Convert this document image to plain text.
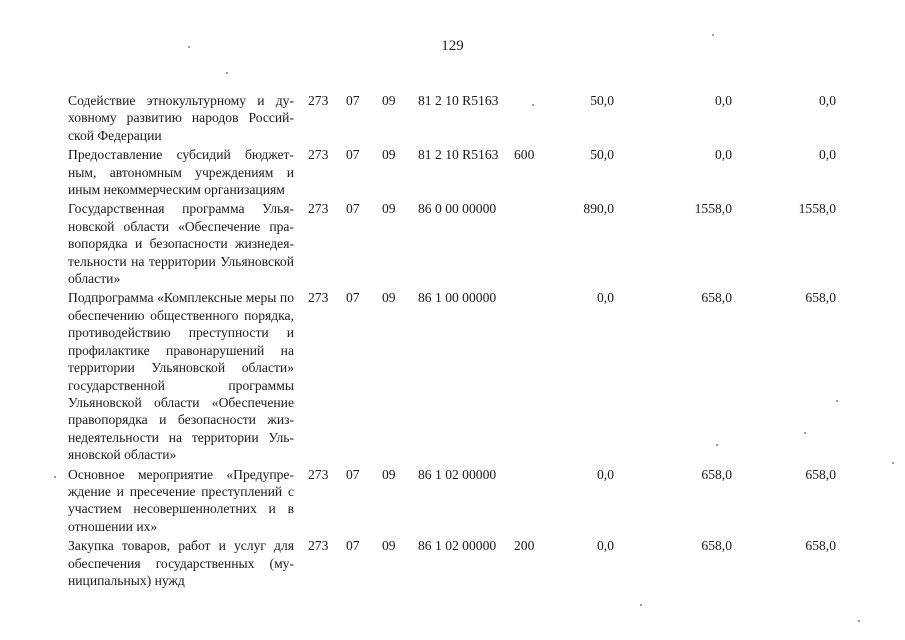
129
Содействие этнокультурному и духовному развитию народов Российской Федерации	273	07	09	81 2 10 R5163		50,0	0,0	0,0
Предоставление субсидий бюджетным, автономным учреждениям и иным некоммерческим организациям	273	07	09	81 2 10 R5163	600	50,0	0,0	0,0
Государственная программа Ульяновской области «Обеспечение правопорядка и безопасности жизнедеятельности на территории Ульяновской области»	273	07	09	86 0 00 00000		890,0	1558,0	1558,0
Подпрограмма «Комплексные меры по обеспечению общественного порядка, противодействию преступности и профилактике правонарушений на территории Ульяновской области» государственной программы Ульяновской области «Обеспечение правопорядка и безопасности жизнедеятельности на территории Ульяновской области»	273	07	09	86 1 00 00000		0,0	658,0	658,0
Основное мероприятие «Предупреждение и пресечение преступлений с участием несовершеннолетних и в отношении их»	273	07	09	86 1 02 00000		0,0	658,0	658,0
Закупка товаров, работ и услуг для обеспечения государственных (муниципальных) нужд	273	07	09	86 1 02 00000	200	0,0	658,0	658,0
